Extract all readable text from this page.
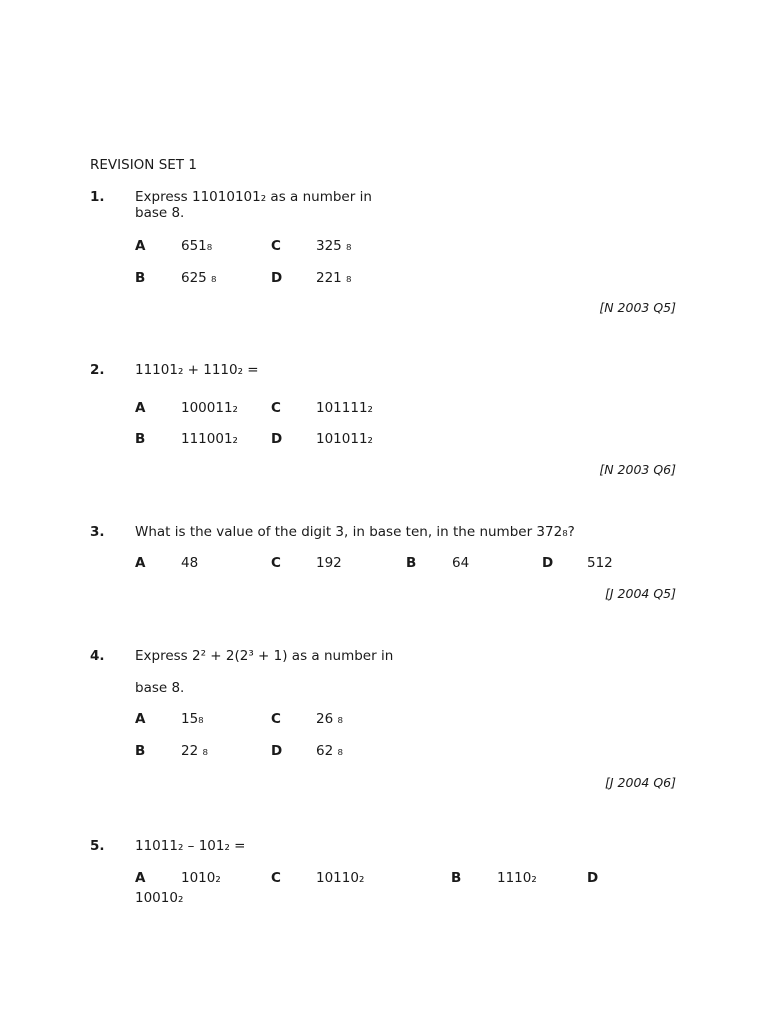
REVISION SET 1
1. Express 11010101₂ as a number in base 8.
A	651₈	C	325 ₈
B	625 ₈	D	221 ₈
[N 2003 Q5]
2. 11101₂ + 1110₂ =
A	100011₂ C	101111₂
B	111001₂ D	101011₂
[N 2003 Q6]
3. What is the value of the digit 3, in base ten, in the number 372₈?
A	48	C	192	B	64	D	512
[J 2004 Q5]
4. Express 2² + 2(2³ + 1) as a number in
base 8.
A	15₈	C	26 ₈
B	22 ₈	D	62 ₈
[J 2004 Q6]
5. 11011₂ – 101₂ =
A	1010₂	C	10110₂	B	1110₂	D
10010₂
